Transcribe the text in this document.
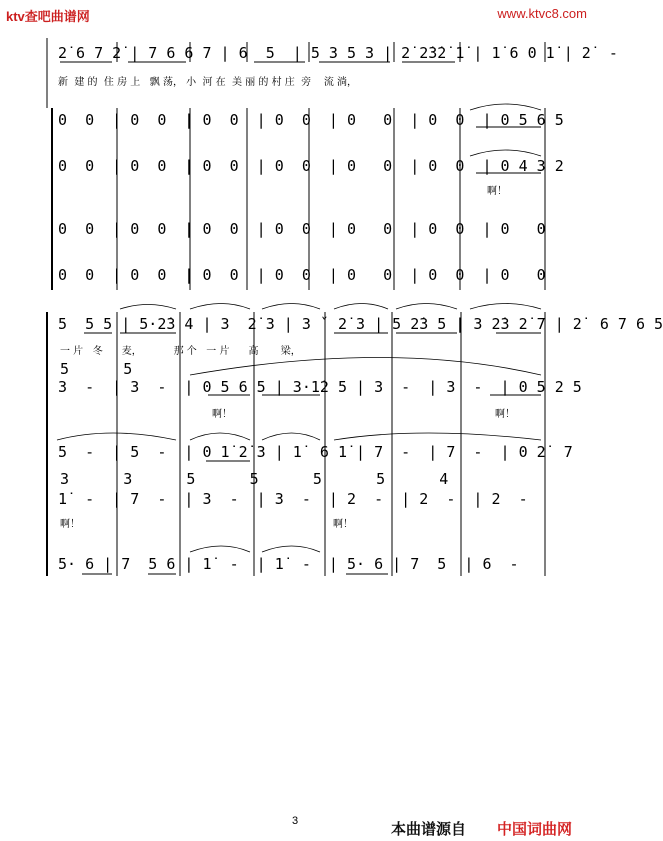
ktv查吧曲谱网	www.ktvc8.com
2̇ 6 7 2̇ | 7 6 6 7 | 6  5  | 5 3 5 3 | 2̇ 2̇3̇2̇ 1̇ | 1̇ 6 0 1̇ | 2̇  -
新  建 的  住 房 上   飘 荡， 小  河 在  美 丽 的 村 庄  旁    流 淌，
0  0  | 0  0  | 0  0  | 0  0  | 0   0  | 0  0  | 0 5 6 5
0  0  | 0  0  | 0  0  | 0  0  | 0   0  | 0  0  | 0 4 3 2
啊！
0  0  | 0  0  | 0  0  | 0  0  | 0   0  | 0  0  | 0   0
0  0  | 0  0  | 0  0  | 0  0  | 0   0  | 0  0  | 0   0
5  5 5 | 5·2̇3 4 | 3  2̇ 3 | 3 ˇ 2̇ 3 | 5 2̇3 5 | 3 2̇3 2̇ 7 | 2̇  6 7 6 5
一 片   冬      麦，          那 个   一 片      高       梁，
5      5
3  -  | 3  -  | 0 5 6 5 | 3·1̇2 5 | 3  -  | 3  -  | 0 5 2 5
啊！	啊！
5  -  | 5  -  | 0 1̇ 2̇ 3 | 1̇  6 1̇ | 7  -  | 7  -  | 0 2̇  7
3      3      5      5      5      5      4
1̇  -  | 7  -  | 3  -  | 3  -  | 2  -  | 2  -  | 2  -
啊！	啊！
5· 6 | 7  5 6 | 1̇  -  | 1̇  -  | 5· 6 | 7  5  | 6  -
3	本曲谱源自 中国词曲网
